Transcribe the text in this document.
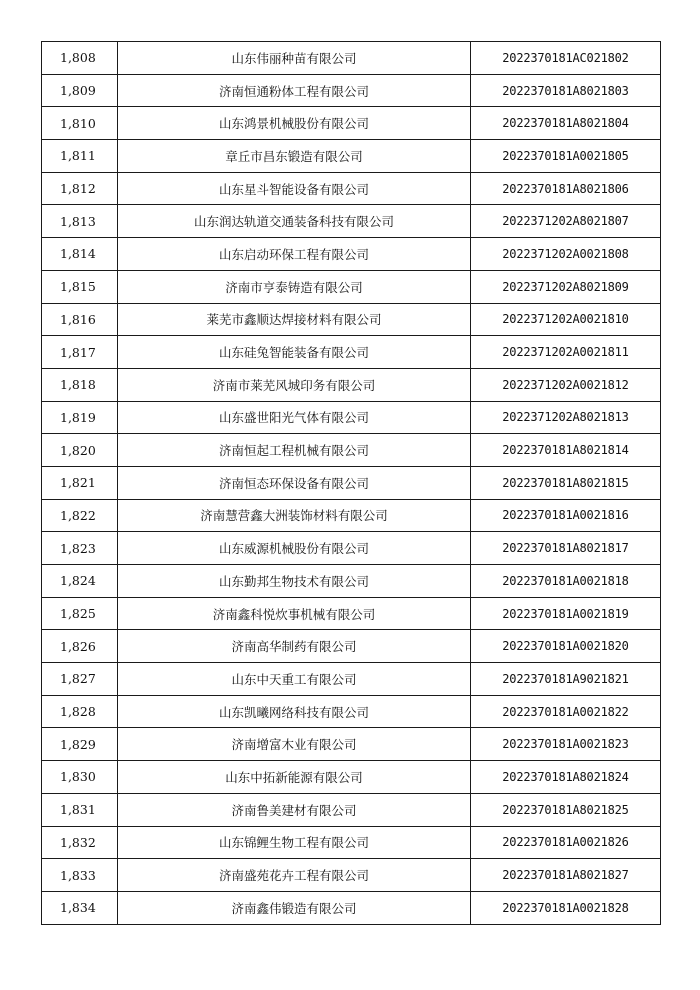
1,808	山东伟丽种苗有限公司	2022370181AC021802
1,809	济南恒通粉体工程有限公司	2022370181A8021803
1,810	山东鸿景机械股份有限公司	2022370181A8021804
1,811	章丘市昌东锻造有限公司	2022370181A0021805
1,812	山东星斗智能设备有限公司	2022370181A8021806
1,813	山东润达轨道交通装备科技有限公司	2022371202A8021807
1,814	山东启动环保工程有限公司	2022371202A0021808
1,815	济南市亨泰铸造有限公司	2022371202A8021809
1,816	莱芜市鑫顺达焊接材料有限公司	2022371202A0021810
1,817	山东硅兔智能装备有限公司	2022371202A0021811
1,818	济南市莱芜风城印务有限公司	2022371202A0021812
1,819	山东盛世阳光气体有限公司	2022371202A8021813
1,820	济南恒起工程机械有限公司	2022370181A8021814
1,821	济南恒态环保设备有限公司	2022370181A8021815
1,822	济南慧营鑫大洲装饰材料有限公司	2022370181A0021816
1,823	山东威源机械股份有限公司	2022370181A8021817
1,824	山东勤邦生物技术有限公司	2022370181A0021818
1,825	济南鑫科悦炊事机械有限公司	2022370181A0021819
1,826	济南高华制药有限公司	2022370181A0021820
1,827	山东中天重工有限公司	2022370181A9021821
1,828	山东凯曦网络科技有限公司	2022370181A0021822
1,829	济南增富木业有限公司	2022370181A0021823
1,830	山东中拓新能源有限公司	2022370181A8021824
1,831	济南鲁美建材有限公司	2022370181A8021825
1,832	山东锦鲤生物工程有限公司	2022370181A0021826
1,833	济南盛苑花卉工程有限公司	2022370181A8021827
1,834	济南鑫伟锻造有限公司	2022370181A0021828
